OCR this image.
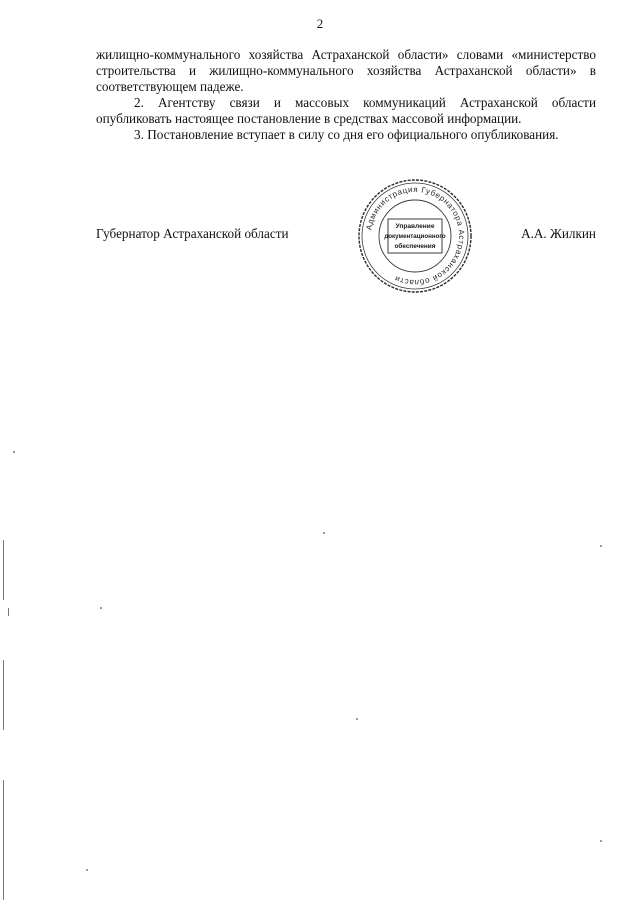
2

жилищно-коммунального хозяйства Астраханской области» словами «министерство строительства и жилищно-коммунального хозяйства Астраханской области» в соответствующем падеже.

2. Агентству связи и массовых коммуникаций Астраханской области опубликовать настоящее постановление в средствах массовой информации.

3. Постановление вступает в силу со дня его официального опубликования.

Губернатор Астраханской области	А.А. Жилкин
Администрация Губернатора Астраханской области
Управление
документационного
обеспечения
